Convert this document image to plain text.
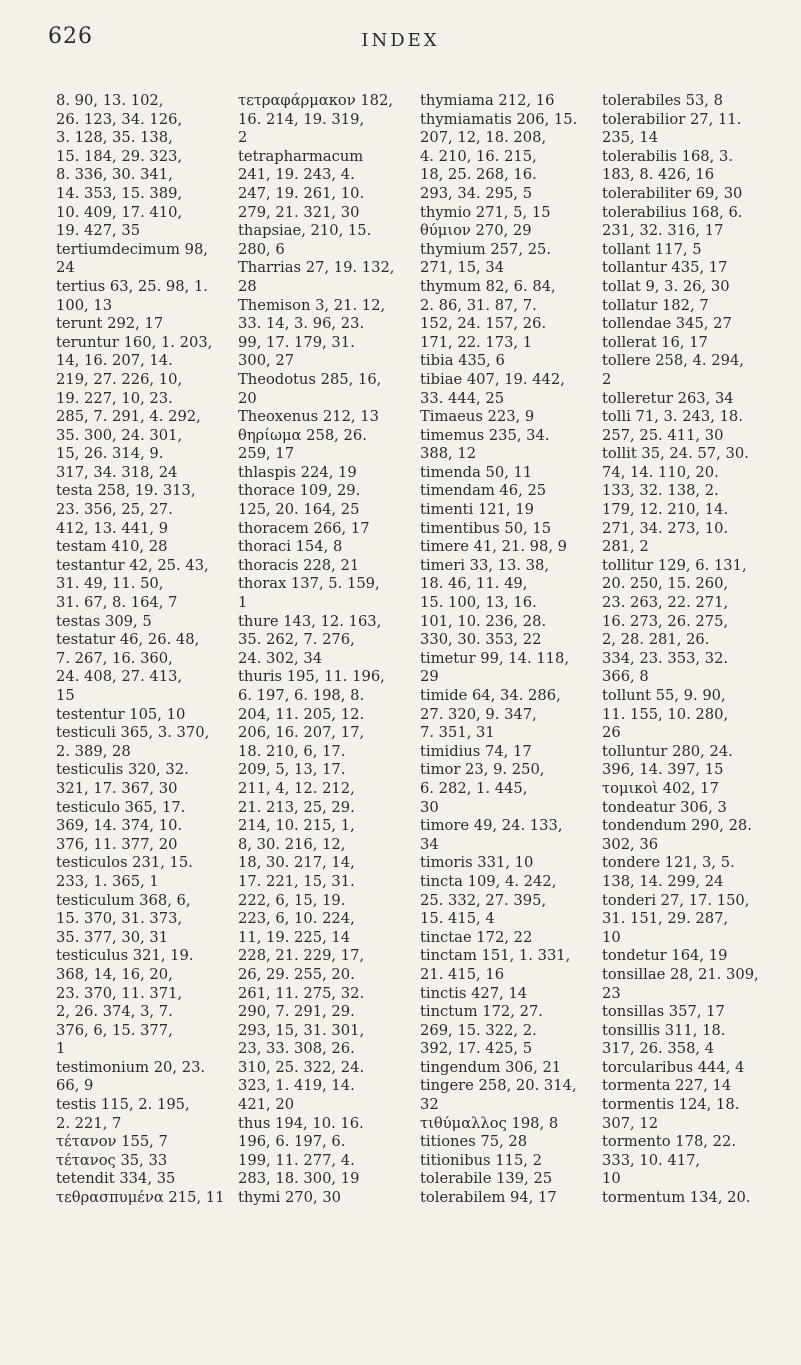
626	INDEX
8. 90, 13. 102,
26. 123, 34. 126,
3. 128, 35. 138,
15. 184, 29. 323,
8. 336, 30. 341,
14. 353, 15. 389,
10. 409, 17. 410,
19. 427, 35
tertiumdecimum 98,
24
tertius 63, 25. 98, 1.
100, 13
terunt 292, 17
teruntur 160, 1. 203,
14, 16. 207, 14.
219, 27. 226, 10,
19. 227, 10, 23.
285, 7. 291, 4. 292,
35. 300, 24. 301,
15, 26. 314, 9.
317, 34. 318, 24
testa 258, 19. 313,
23. 356, 25, 27.
412, 13. 441, 9
testam 410, 28
testantur 42, 25. 43,
31. 49, 11. 50,
31. 67, 8. 164, 7
testas 309, 5
testatur 46, 26. 48,
7. 267, 16. 360,
24. 408, 27. 413,
15
testentur 105, 10
testiculi 365, 3. 370,
2. 389, 28
testiculis 320, 32.
321, 17. 367, 30
testiculo 365, 17.
369, 14. 374, 10.
376, 11. 377, 20
testiculos 231, 15.
233, 1. 365, 1
testiculum 368, 6,
15. 370, 31. 373,
35. 377, 30, 31
testiculus 321, 19.
368, 14, 16, 20,
23. 370, 11. 371,
2, 26. 374, 3, 7.
376, 6, 15. 377,
1
testimonium 20, 23.
66, 9
testis 115, 2. 195,
2. 221, 7
τέτανον 155, 7
τέτανος 35, 33
tetendit 334, 35
τεθρασπυμένα 215, 11
τετραφάρμακον 182,
16. 214, 19. 319,
2
tetrapharmacum
241, 19. 243, 4.
247, 19. 261, 10.
279, 21. 321, 30
thapsiae, 210, 15.
280, 6
Tharrias 27, 19. 132,
28
Themison 3, 21. 12,
33. 14, 3. 96, 23.
99, 17. 179, 31.
300, 27
Theodotus 285, 16,
20
Theoxenus 212, 13
θηρίωμα 258, 26.
259, 17
thlaspis 224, 19
thorace 109, 29.
125, 20. 164, 25
thoracem 266, 17
thoraci 154, 8
thoracis 228, 21
thorax 137, 5. 159,
1
thure 143, 12. 163,
35. 262, 7. 276,
24. 302, 34
thuris 195, 11. 196,
6. 197, 6. 198, 8.
204, 11. 205, 12.
206, 16. 207, 17,
18. 210, 6, 17.
209, 5, 13, 17.
211, 4, 12. 212,
21. 213, 25, 29.
214, 10. 215, 1,
8, 30. 216, 12,
18, 30. 217, 14,
17. 221, 15, 31.
222, 6, 15, 19.
223, 6, 10. 224,
11, 19. 225, 14
228, 21. 229, 17,
26, 29. 255, 20.
261, 11. 275, 32.
290, 7. 291, 29.
293, 15, 31. 301,
23, 33. 308, 26.
310, 25. 322, 24.
323, 1. 419, 14.
421, 20
thus 194, 10. 16.
196, 6. 197, 6.
199, 11. 277, 4.
283, 18. 300, 19
thymi 270, 30
thymiama 212, 16
thymiamatis 206, 15.
207, 12, 18. 208,
4. 210, 16. 215,
18, 25. 268, 16.
293, 34. 295, 5
thymio 271, 5, 15
θύμιον 270, 29
thymium 257, 25.
271, 15, 34
thymum 82, 6. 84,
2. 86, 31. 87, 7.
152, 24. 157, 26.
171, 22. 173, 1
tibia 435, 6
tibiae 407, 19. 442,
33. 444, 25
Timaeus 223, 9
timemus 235, 34.
388, 12
timenda 50, 11
timendam 46, 25
timenti 121, 19
timentibus 50, 15
timere 41, 21. 98, 9
timeri 33, 13. 38,
18. 46, 11. 49,
15. 100, 13, 16.
101, 10. 236, 28.
330, 30. 353, 22
timetur 99, 14. 118,
29
timide 64, 34. 286,
27. 320, 9. 347,
7. 351, 31
timidius 74, 17
timor 23, 9. 250,
6. 282, 1. 445,
30
timore 49, 24. 133,
34
timoris 331, 10
tincta 109, 4. 242,
25. 332, 27. 395,
15. 415, 4
tinctae 172, 22
tinctam 151, 1. 331,
21. 415, 16
tinctis 427, 14
tinctum 172, 27.
269, 15. 322, 2.
392, 17. 425, 5
tingendum 306, 21
tingere 258, 20. 314,
32
τιθύμαλλος 198, 8
titiones 75, 28
titionibus 115, 2
tolerabile 139, 25
tolerabilem 94, 17
tolerabiles 53, 8
tolerabilior 27, 11.
235, 14
tolerabilis 168, 3.
183, 8. 426, 16
tolerabiliter 69, 30
tolerabilius 168, 6.
231, 32. 316, 17
tollant 117, 5
tollantur 435, 17
tollat 9, 3. 26, 30
tollatur 182, 7
tollendae 345, 27
tollerat 16, 17
tollere 258, 4. 294,
2
tolleretur 263, 34
tolli 71, 3. 243, 18.
257, 25. 411, 30
tollit 35, 24. 57, 30.
74, 14. 110, 20.
133, 32. 138, 2.
179, 12. 210, 14.
271, 34. 273, 10.
281, 2
tollitur 129, 6. 131,
20. 250, 15. 260,
23. 263, 22. 271,
16. 273, 26. 275,
2, 28. 281, 26.
334, 23. 353, 32.
366, 8
tollunt 55, 9. 90,
11. 155, 10. 280,
26
tolluntur 280, 24.
396, 14. 397, 15
τομικοὶ 402, 17
tondeatur 306, 3
tondendum 290, 28.
302, 36
tondere 121, 3, 5.
138, 14. 299, 24
tonderi 27, 17. 150,
31. 151, 29. 287,
10
tondetur 164, 19
tonsillae 28, 21. 309,
23
tonsillas 357, 17
tonsillis 311, 18.
317, 26. 358, 4
torcularibus 444, 4
tormenta 227, 14
tormentis 124, 18.
307, 12
tormento 178, 22.
333, 10. 417,
10
tormentum 134, 20.
